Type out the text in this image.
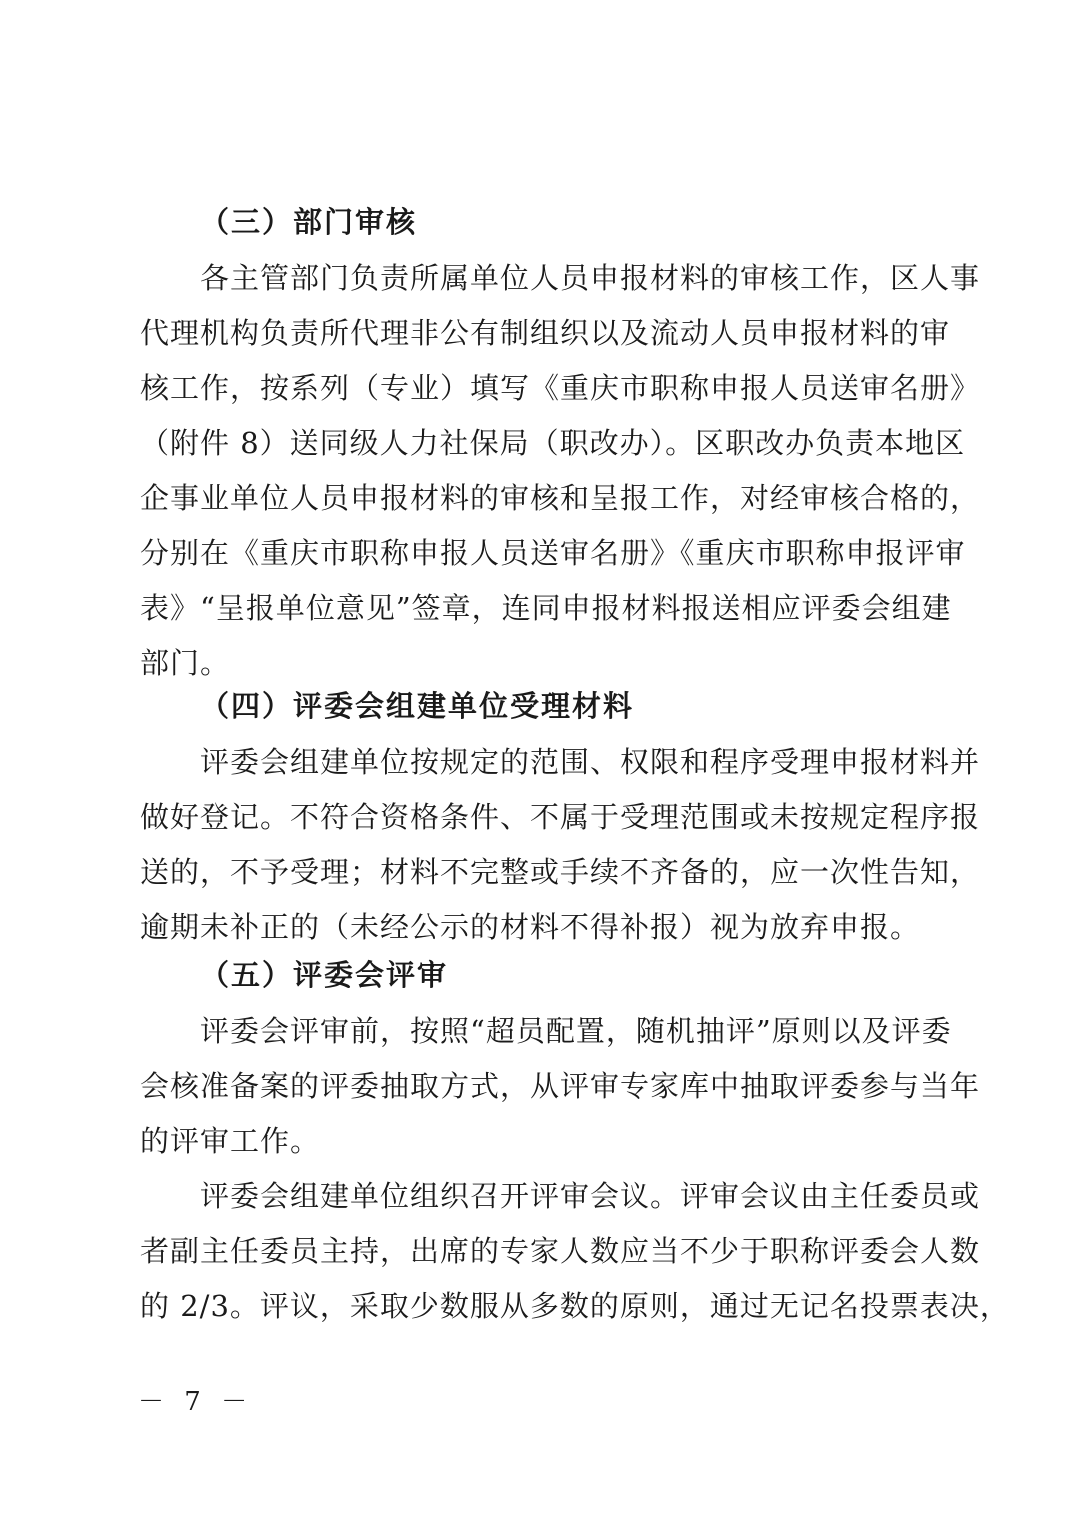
（三）部门审核
各主管部门负责所属单位人员申报材料的审核工作，区人事
代理机构负责所代理非公有制组织以及流动人员申报材料的审
核工作，按系列（专业）填写《重庆市职称申报人员送审名册》
（附件 8）送同级人力社保局（职改办）。区职改办负责本地区
企事业单位人员申报材料的审核和呈报工作，对经审核合格的，
分别在《重庆市职称申报人员送审名册》《重庆市职称申报评审
表》“呈报单位意见”签章，连同申报材料报送相应评委会组建
部门。
（四）评委会组建单位受理材料
评委会组建单位按规定的范围、权限和程序受理申报材料并
做好登记。不符合资格条件、不属于受理范围或未按规定程序报
送的，不予受理；材料不完整或手续不齐备的，应一次性告知，
逾期未补正的（未经公示的材料不得补报）视为放弃申报。
（五）评委会评审
评委会评审前，按照“超员配置，随机抽评”原则以及评委
会核准备案的评委抽取方式，从评审专家库中抽取评委参与当年
的评审工作。
评委会组建单位组织召开评审会议。评审会议由主任委员或
者副主任委员主持，出席的专家人数应当不少于职称评委会人数
的 2/3。评议，采取少数服从多数的原则，通过无记名投票表决，
－ 7 －
